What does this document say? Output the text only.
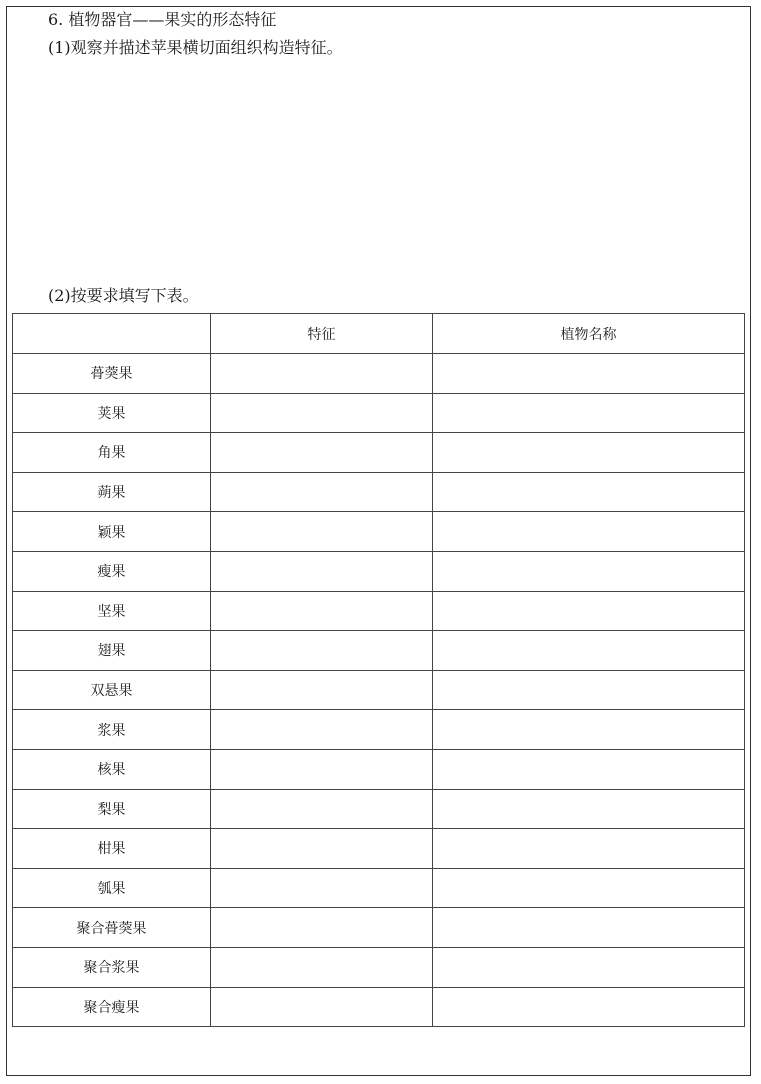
6. 植物器官——果实的形态特征
(1)观察并描述苹果横切面组织构造特征。
(2)按要求填写下表。
	特征	植物名称
蓇葖果		
荚果		
角果		
蒴果		
颖果		
瘦果		
坚果		
翅果		
双悬果		
浆果		
核果		
梨果		
柑果		
瓠果		
聚合蓇葖果		
聚合浆果		
聚合瘦果		
